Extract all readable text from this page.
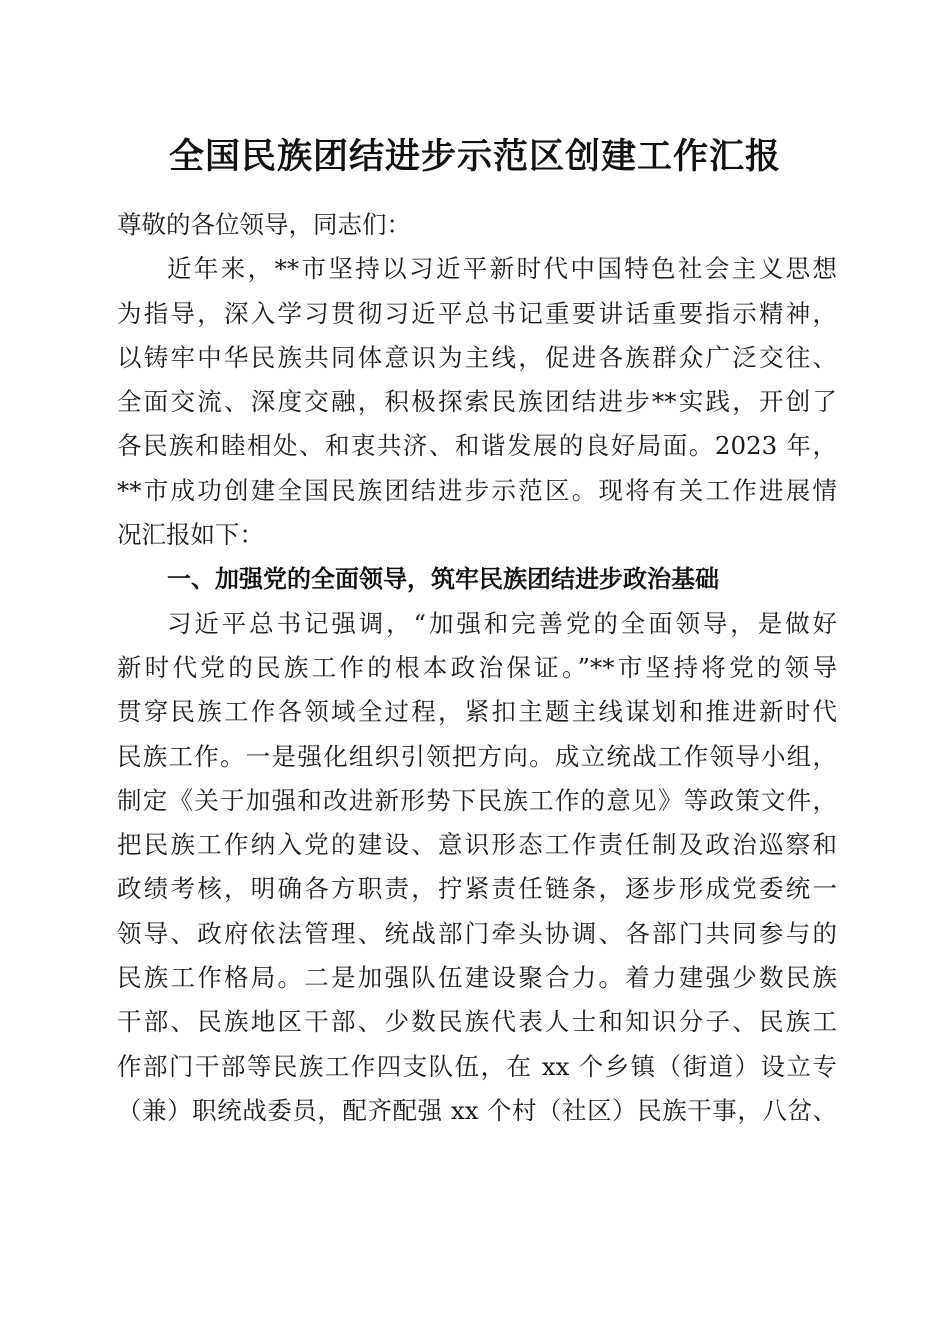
全国民族团结进步示范区创建工作汇报
尊敬的各位领导，同志们：
近年来，**市坚持以习近平新时代中国特色社会主义思想
为指导，深入学习贯彻习近平总书记重要讲话重要指示精神，
以铸牢中华民族共同体意识为主线，促进各族群众广泛交往、
全面交流、深度交融，积极探索民族团结进步**实践，开创了
各民族和睦相处、和衷共济、和谐发展的良好局面。2023 年，
**市成功创建全国民族团结进步示范区。现将有关工作进展情
况汇报如下：
一、加强党的全面领导，筑牢民族团结进步政治基础
习近平总书记强调，“加强和完善党的全面领导，是做好
新时代党的民族工作的根本政治保证。”**市坚持将党的领导
贯穿民族工作各领域全过程，紧扣主题主线谋划和推进新时代
民族工作。一是强化组织引领把方向。成立统战工作领导小组，
制定《关于加强和改进新形势下民族工作的意见》等政策文件，
把民族工作纳入党的建设、意识形态工作责任制及政治巡察和
政绩考核，明确各方职责，拧紧责任链条，逐步形成党委统一
领导、政府依法管理、统战部门牵头协调、各部门共同参与的
民族工作格局。二是加强队伍建设聚合力。着力建强少数民族
干部、民族地区干部、少数民族代表人士和知识分子、民族工
作部门干部等民族工作四支队伍，在 xx 个乡镇（街道）设立专
（兼）职统战委员，配齐配强 xx 个村（社区）民族干事，八岔、
